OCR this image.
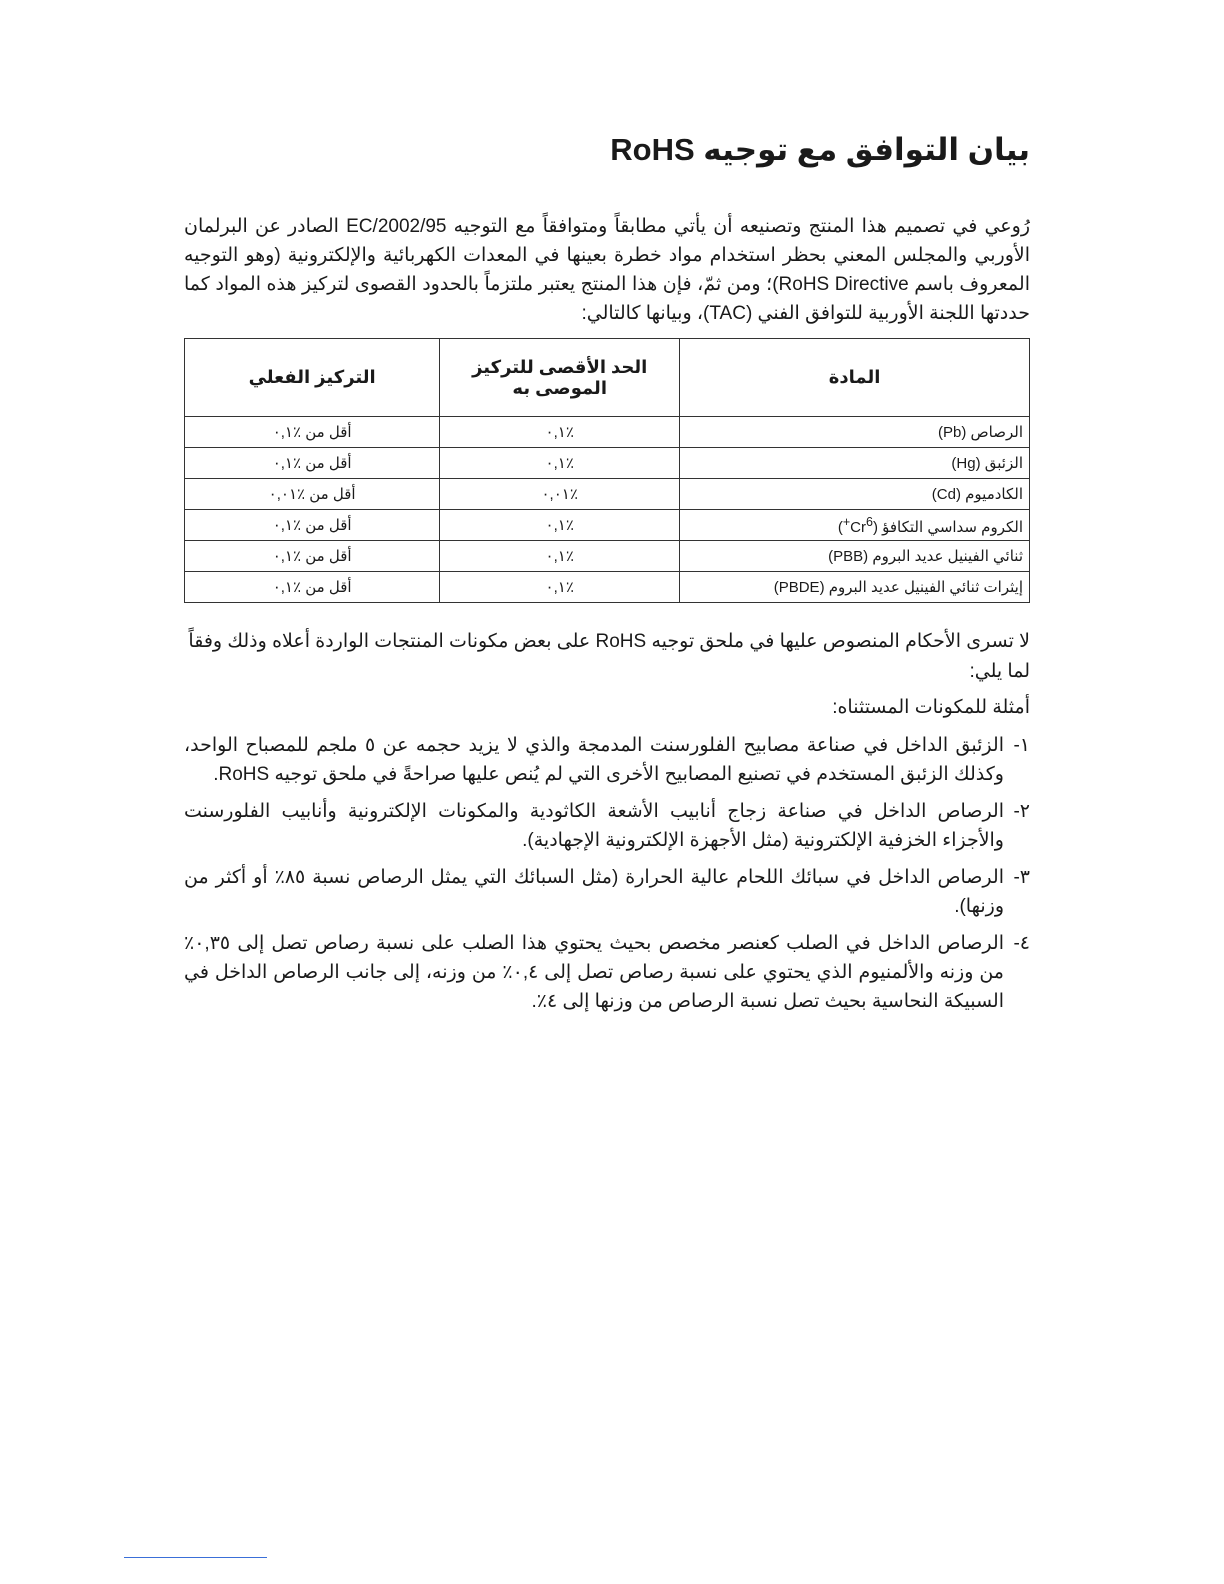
بيان التوافق مع توجيه RoHS

رُوعي في تصميم هذا المنتج وتصنيعه أن يأتي مطابقاً ومتوافقاً مع التوجيه 2002/95/EC الصادر عن البرلمان الأوربي والمجلس المعني بحظر استخدام مواد خطرة بعينها في المعدات الكهربائية والإلكترونية (وهو التوجيه المعروف باسم RoHS Directive)؛ ومن ثمّ، فإن هذا المنتج يعتبر ملتزماً بالحدود القصوى لتركيز هذه المواد كما حددتها اللجنة الأوربية للتوافق الفني (TAC)، وبيانها كالتالي:

المادة	الحد الأقصى للتركيز الموصى به	التركيز الفعلي
الرصاص (Pb)	٪٠,١	أقل من ٪٠,١
الزئبق (Hg)	٪٠,١	أقل من ٪٠,١
الكادميوم (Cd)	٪٠,٠١	أقل من ٪٠,٠١
الكروم سداسي التكافؤ $(Cr^{6+})$	٪٠,١	أقل من ٪٠,١
ثنائي الفينيل عديد البروم (PBB)	٪٠,١	أقل من ٪٠,١
إيثرات ثنائي الفينيل عديد البروم (PBDE)	٪٠,١	أقل من ٪٠,١

لا تسرى الأحكام المنصوص عليها في ملحق توجيه RoHS على بعض مكونات المنتجات الواردة أعلاه وذلك وفقاً لما يلي:

أمثلة للمكونات المستثناه:

١-
الزئبق الداخل في صناعة مصابيح الفلورسنت المدمجة والذي لا يزيد حجمه عن ٥ ملجم للمصباح الواحد، وكذلك الزئبق المستخدم في تصنيع المصابيح الأخرى التي لم يُنص عليها صراحةً في ملحق توجيه RoHS.
٢-
الرصاص الداخل في صناعة زجاج أنابيب الأشعة الكاثودية والمكونات الإلكترونية وأنابيب الفلورسنت والأجزاء الخزفية الإلكترونية (مثل الأجهزة الإلكترونية الإجهادية).
٣-
الرصاص الداخل في سبائك اللحام عالية الحرارة (مثل السبائك التي يمثل الرصاص نسبة ٨٥٪ أو أكثر من وزنها).
٤-
الرصاص الداخل في الصلب كعنصر مخصص بحيث يحتوي هذا الصلب على نسبة رصاص تصل إلى ٠,٣٥٪ من وزنه والألمنيوم الذي يحتوي على نسبة رصاص تصل إلى ٠,٤٪ من وزنه، إلى جانب الرصاص الداخل في السبيكة النحاسية بحيث تصل نسبة الرصاص من وزنها إلى ٤٪.
